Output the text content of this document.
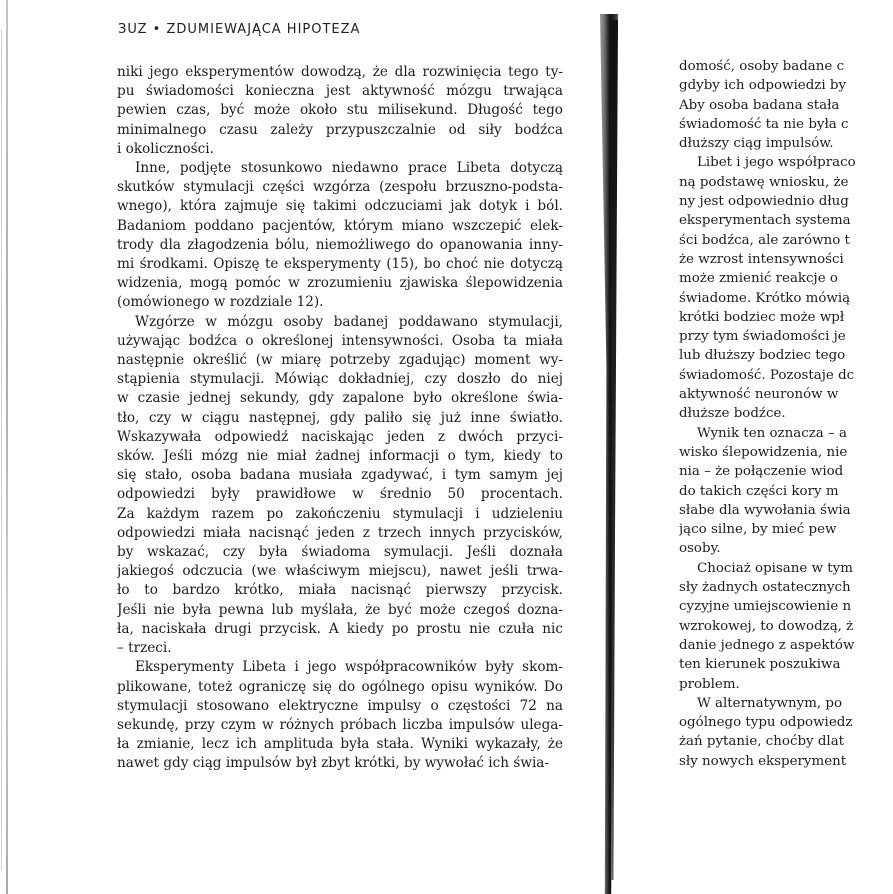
ЗUZ • ZDUMIEWAJĄCA HIPOTEZA
niki jego eksperymentów dowodzą, że dla rozwinięcia tego ty-
pu świadomości konieczna jest aktywność mózgu trwająca
pewien czas, być może około stu milisekund. Długość tego
minimalnego czasu zależy przypuszczalnie od siły bodźca
i okoliczności.
Inne, podjęte stosunkowo niedawno prace Libeta dotyczą
skutków stymulacji części wzgórza (zespołu brzuszno-podsta-
wnego), która zajmuje się takimi odczuciami jak dotyk i ból.
Badaniom poddano pacjentów, którym miano wszczepić elek-
trody dla złagodzenia bólu, niemożliwego do opanowania inny-
mi środkami. Opiszę te eksperymenty (15), bo choć nie dotyczą
widzenia, mogą pomóc w zrozumieniu zjawiska ślepowidzenia
(omówionego w rozdziale 12).
Wzgórze w mózgu osoby badanej poddawano stymulacji,
używając bodźca o określonej intensywności. Osoba ta miała
następnie określić (w miarę potrzeby zgadując) moment wy-
stąpienia stymulacji. Mówiąc dokładniej, czy doszło do niej
w czasie jednej sekundy, gdy zapalone było określone świa-
tło, czy w ciągu następnej, gdy paliło się już inne światło.
Wskazywała odpowiedź naciskając jeden z dwóch przyci-
sków. Jeśli mózg nie miał żadnej informacji o tym, kiedy to
się stało, osoba badana musiała zgadywać, i tym samym jej
odpowiedzi były prawidłowe w średnio 50 procentach.
Za każdym razem po zakończeniu stymulacji i udzieleniu
odpowiedzi miała nacisnąć jeden z trzech innych przycisków,
by wskazać, czy była świadoma symulacji. Jeśli doznała
jakiegoś odczucia (we właściwym miejscu), nawet jeśli trwa-
ło to bardzo krótko, miała nacisnąć pierwszy przycisk.
Jeśli nie była pewna lub myślała, że być może czegoś dozna-
ła, naciskała drugi przycisk. A kiedy po prostu nie czuła nic
– trzeci.
Eksperymenty Libeta i jego współpracowników były skom-
plikowane, toteż ograniczę się do ogólnego opisu wyników. Do
stymulacji stosowano elektryczne impulsy o częstości 72 na
sekundę, przy czym w różnych próbach liczba impulsów ulega-
ła zmianie, lecz ich amplituda była stała. Wyniki wykazały, że
nawet gdy ciąg impulsów był zbyt krótki, by wywołać ich świa-
domość, osoby badane c
gdyby ich odpowiedzi by
Aby osoba badana stała
świadomość ta nie była c
dłuższy ciąg impulsów.
Libet i jego współpraco
ną podstawę wniosku, że
ny jest odpowiednio dług
eksperymentach systema
ści bodźca, ale zarówno t
że wzrost intensywności
może zmienić reakcje o
świadome. Krótko mówią
krótki bodziec może wpł
przy tym świadomości je
lub dłuższy bodziec tego
świadomość. Pozostaje dc
aktywność neuronów w
dłuższe bodźce.
Wynik ten oznacza – a
wisko ślepowidzenia, nie
nia – że połączenie wiod
do takich części kory m
słabe dla wywołania świa
jąco silne, by mieć pew
osoby.
Chociaż opisane w tym
sły żadnych ostatecznych
cyzyjne umiejscowienie n
wzrokowej, to dowodzą, ż
danie jednego z aspektów
ten kierunek poszukiwa
problem.
W alternatywnym, po
ogólnego typu odpowiedz
żań pytanie, choćby dlat
sły nowych eksperyment
